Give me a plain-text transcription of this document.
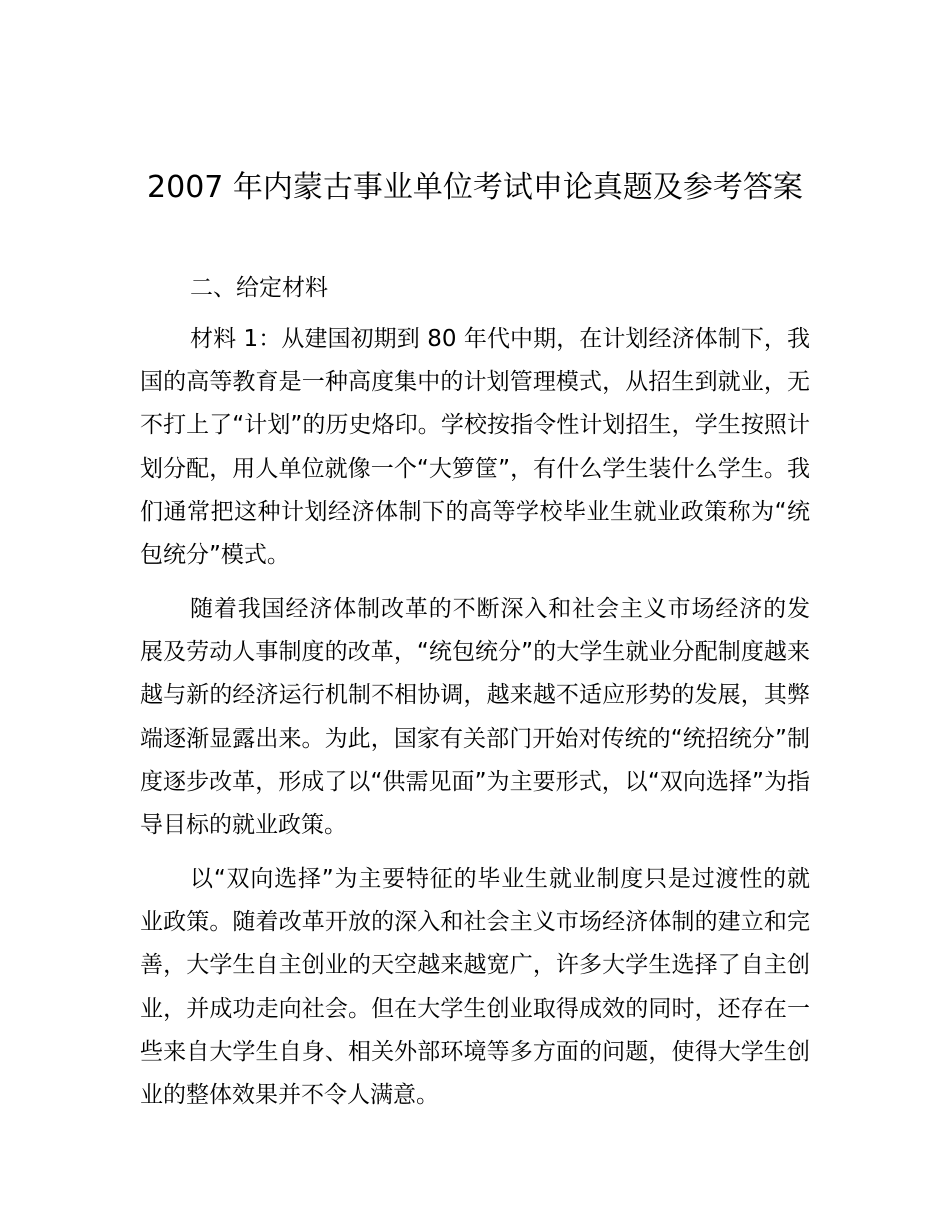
2007 年内蒙古事业单位考试申论真题及参考答案

二、给定材料

材料 1：从建国初期到 80 年代中期，在计划经济体制下，我国的高等教育是一种高度集中的计划管理模式，从招生到就业，无不打上了“计划”的历史烙印。学校按指令性计划招生，学生按照计划分配，用人单位就像一个“大箩筐”，有什么学生装什么学生。我们通常把这种计划经济体制下的高等学校毕业生就业政策称为“统包统分”模式。

随着我国经济体制改革的不断深入和社会主义市场经济的发展及劳动人事制度的改革，“统包统分”的大学生就业分配制度越来越与新的经济运行机制不相协调，越来越不适应形势的发展，其弊端逐渐显露出来。为此，国家有关部门开始对传统的“统招统分”制度逐步改革，形成了以“供需见面”为主要形式，以“双向选择”为指导目标的就业政策。

以“双向选择”为主要特征的毕业生就业制度只是过渡性的就业政策。随着改革开放的深入和社会主义市场经济体制的建立和完善，大学生自主创业的天空越来越宽广，许多大学生选择了自主创业，并成功走向社会。但在大学生创业取得成效的同时，还存在一些来自大学生自身、相关外部环境等多方面的问题，使得大学生创业的整体效果并不令人满意。
